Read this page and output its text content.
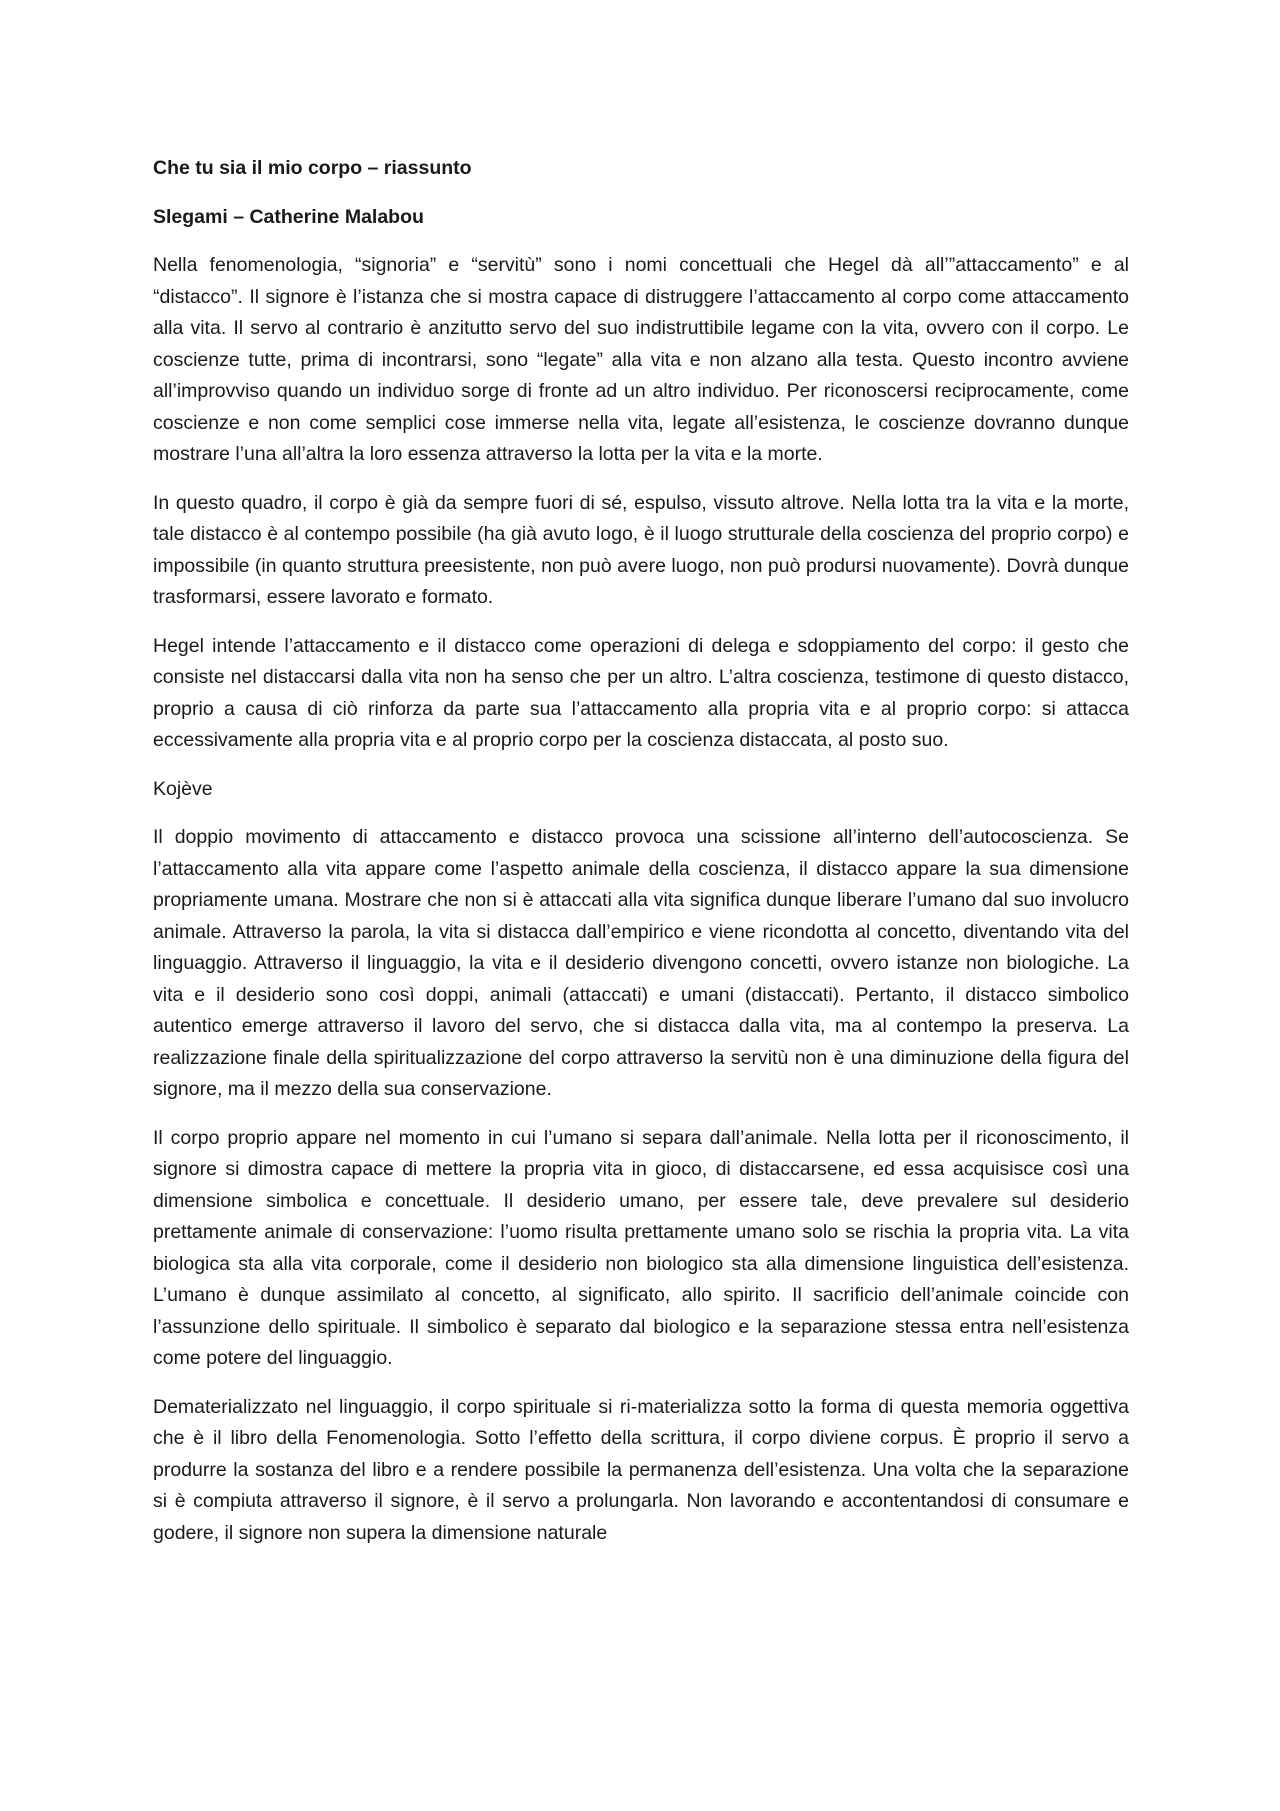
Che tu sia il mio corpo – riassunto

Slegami – Catherine Malabou

Nella fenomenologia, “signoria” e “servitù” sono i nomi concettuali che Hegel dà all’”attaccamento” e al “distacco”. Il signore è l’istanza che si mostra capace di distruggere l’attaccamento al corpo come attaccamento alla vita. Il servo al contrario è anzitutto servo del suo indistruttibile legame con la vita, ovvero con il corpo. Le coscienze tutte, prima di incontrarsi, sono “legate” alla vita e non alzano alla testa. Questo incontro avviene all’improvviso quando un individuo sorge di fronte ad un altro individuo. Per riconoscersi reciprocamente, come coscienze e non come semplici cose immerse nella vita, legate all’esistenza, le coscienze dovranno dunque mostrare l’una all’altra la loro essenza attraverso la lotta per la vita e la morte.

In questo quadro, il corpo è già da sempre fuori di sé, espulso, vissuto altrove. Nella lotta tra la vita e la morte, tale distacco è al contempo possibile (ha già avuto logo, è il luogo strutturale della coscienza del proprio corpo) e impossibile (in quanto struttura preesistente, non può avere luogo, non può prodursi nuovamente). Dovrà dunque trasformarsi, essere lavorato e formato.

Hegel intende l’attaccamento e il distacco come operazioni di delega e sdoppiamento del corpo: il gesto che consiste nel distaccarsi dalla vita non ha senso che per un altro. L’altra coscienza, testimone di questo distacco, proprio a causa di ciò rinforza da parte sua l’attaccamento alla propria vita e al proprio corpo: si attacca eccessivamente alla propria vita e al proprio corpo per la coscienza distaccata, al posto suo.

Kojève

Il doppio movimento di attaccamento e distacco provoca una scissione all’interno dell’autocoscienza. Se l’attaccamento alla vita appare come l’aspetto animale della coscienza, il distacco appare la sua dimensione propriamente umana. Mostrare che non si è attaccati alla vita significa dunque liberare l’umano dal suo involucro animale. Attraverso la parola, la vita si distacca dall’empirico e viene ricondotta al concetto, diventando vita del linguaggio. Attraverso il linguaggio, la vita e il desiderio divengono concetti, ovvero istanze non biologiche. La vita e il desiderio sono così doppi, animali (attaccati) e umani (distaccati). Pertanto, il distacco simbolico autentico emerge attraverso il lavoro del servo, che si distacca dalla vita, ma al contempo la preserva. La realizzazione finale della spiritualizzazione del corpo attraverso la servitù non è una diminuzione della figura del signore, ma il mezzo della sua conservazione.

Il corpo proprio appare nel momento in cui l’umano si separa dall’animale. Nella lotta per il riconoscimento, il signore si dimostra capace di mettere la propria vita in gioco, di distaccarsene, ed essa acquisisce così una dimensione simbolica e concettuale. Il desiderio umano, per essere tale, deve prevalere sul desiderio prettamente animale di conservazione: l’uomo risulta prettamente umano solo se rischia la propria vita. La vita biologica sta alla vita corporale, come il desiderio non biologico sta alla dimensione linguistica dell’esistenza. L’umano è dunque assimilato al concetto, al significato, allo spirito. Il sacrificio dell’animale coincide con l’assunzione dello spirituale. Il simbolico è separato dal biologico e la separazione stessa entra nell’esistenza come potere del linguaggio.

Dematerializzato nel linguaggio, il corpo spirituale si ri-materializza sotto la forma di questa memoria oggettiva che è il libro della Fenomenologia. Sotto l’effetto della scrittura, il corpo diviene corpus. È proprio il servo a produrre la sostanza del libro e a rendere possibile la permanenza dell’esistenza. Una volta che la separazione si è compiuta attraverso il signore, è il servo a prolungarla. Non lavorando e accontentandosi di consumare e godere, il signore non supera la dimensione naturale
